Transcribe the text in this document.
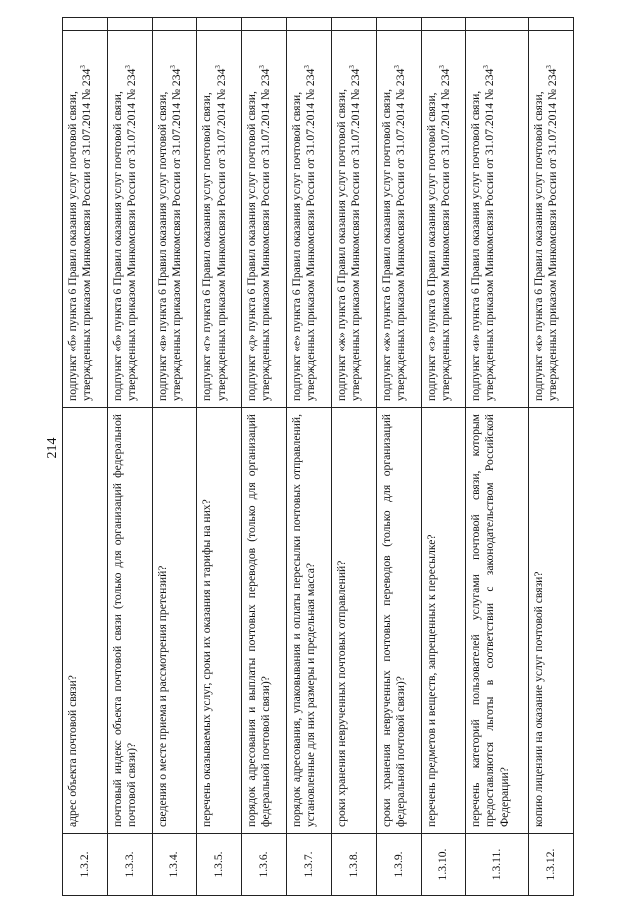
214
1.3.2.	адрес объекта почтовой связи?	подпункт «б» пункта 6 Правил оказания услуг почтовой связи, утвержденных приказом Минкомсвязи России от 31.07.2014 № $234^3$	
1.3.3.	почтовый индекс объекта почтовой связи (только для организаций федеральной почтовой связи)?	подпункт «б» пункта 6 Правил оказания услуг почтовой связи, утвержденных приказом Минкомсвязи России от 31.07.2014 № $234^3$	
1.3.4.	сведения о месте приема и рассмотрения претензий?	подпункт «в» пункта 6 Правил оказания услуг почтовой связи, утвержденных приказом Минкомсвязи России от 31.07.2014 № $234^3$	
1.3.5.	перечень оказываемых услуг, сроки их оказания и тарифы на них?	подпункт «г» пункта 6 Правил оказания услуг почтовой связи, утвержденных приказом Минкомсвязи России от 31.07.2014 № $234^3$	
1.3.6.	порядок адресования и выплаты почтовых переводов (только для организаций федеральной почтовой связи)?	подпункт «д» пункта 6 Правил оказания услуг почтовой связи, утвержденных приказом Минкомсвязи России от 31.07.2014 № $234^3$	
1.3.7.	порядок адресования, упаковывания и оплаты пересылки почтовых отправлений, установленные для них размеры и предельная масса?	подпункт «е» пункта 6 Правил оказания услуг почтовой связи, утвержденных приказом Минкомсвязи России от 31.07.2014 № $234^3$	
1.3.8.	сроки хранения неврученных почтовых отправлений?	подпункт «ж» пункта 6 Правил оказания услуг почтовой связи, утвержденных приказом Минкомсвязи России от 31.07.2014 № $234^3$	
1.3.9.	сроки хранения неврученных почтовых переводов (только для организаций федеральной почтовой связи)?	подпункт «ж» пункта 6 Правил оказания услуг почтовой связи, утвержденных приказом Минкомсвязи России от 31.07.2014 № $234^3$	
1.3.10.	перечень предметов и веществ, запрещенных к пересылке?	подпункт «з» пункта 6 Правил оказания услуг почтовой связи, утвержденных приказом Минкомсвязи России от 31.07.2014 № $234^3$	
1.3.11.	перечень категорий пользователей услугами почтовой связи, которым предоставляются льготы в соответствии с законодательством Российской Федерации?	подпункт «и» пункта 6 Правил оказания услуг почтовой связи, утвержденных приказом Минкомсвязи России от 31.07.2014 № $234^3$	
1.3.12.	копию лицензии на оказание услуг почтовой связи?	подпункт «к» пункта 6 Правил оказания услуг почтовой связи, утвержденных приказом Минкомсвязи России от 31.07.2014 № $234^3$	
